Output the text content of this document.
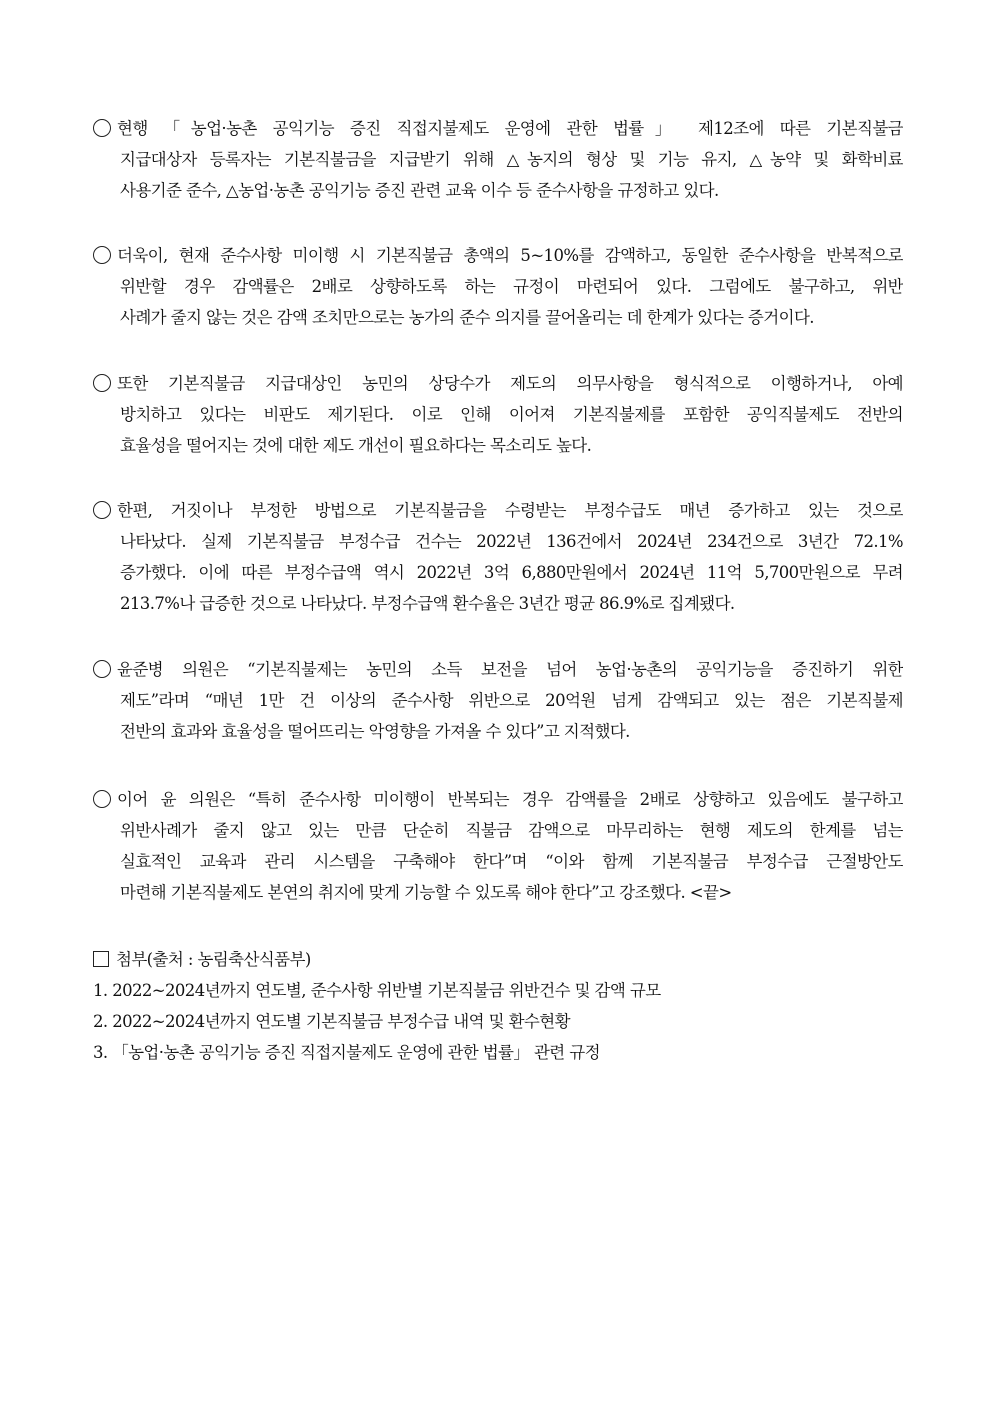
현행 「농업·농촌 공익기능 증진 직접지불제도 운영에 관한 법률」 제12조에 따른 기본직불금
지급대상자 등록자는 기본직불금을 지급받기 위해 △농지의 형상 및 기능 유지, △농약 및 화학비료
사용기준 준수, △농업·농촌 공익기능 증진 관련 교육 이수 등 준수사항을 규정하고 있다.
더욱이, 현재 준수사항 미이행 시 기본직불금 총액의 5~10%를 감액하고, 동일한 준수사항을 반복적으로
위반할 경우 감액률은 2배로 상향하도록 하는 규정이 마련되어 있다. 그럼에도 불구하고, 위반
사례가 줄지 않는 것은 감액 조치만으로는 농가의 준수 의지를 끌어올리는 데 한계가 있다는 증거이다.
또한 기본직불금 지급대상인 농민의 상당수가 제도의 의무사항을 형식적으로 이행하거나, 아예
방치하고 있다는 비판도 제기된다. 이로 인해 이어져 기본직불제를 포함한 공익직불제도 전반의
효율성을 떨어지는 것에 대한 제도 개선이 필요하다는 목소리도 높다.
한편, 거짓이나 부정한 방법으로 기본직불금을 수령받는 부정수급도 매년 증가하고 있는 것으로
나타났다. 실제 기본직불금 부정수급 건수는 2022년 136건에서 2024년 234건으로 3년간 72.1%
증가했다. 이에 따른 부정수급액 역시 2022년 3억 6,880만원에서 2024년 11억 5,700만원으로 무려
213.7%나 급증한 것으로 나타났다. 부정수급액 환수율은 3년간 평균 86.9%로 집계됐다.
윤준병 의원은 “기본직불제는 농민의 소득 보전을 넘어 농업·농촌의 공익기능을 증진하기 위한
제도”라며 “매년 1만 건 이상의 준수사항 위반으로 20억원 넘게 감액되고 있는 점은 기본직불제
전반의 효과와 효율성을 떨어뜨리는 악영향을 가져올 수 있다”고 지적했다.
이어 윤 의원은 “특히 준수사항 미이행이 반복되는 경우 감액률을 2배로 상향하고 있음에도 불구하고
위반사례가 줄지 않고 있는 만큼 단순히 직불금 감액으로 마무리하는 현행 제도의 한계를 넘는
실효적인 교육과 관리 시스템을 구축해야 한다”며 “이와 함께 기본직불금 부정수급 근절방안도
마련해 기본직불제도 본연의 취지에 맞게 기능할 수 있도록 해야 한다”고 강조했다. <끝>
첨부(출처 : 농림축산식품부)
1. 2022~2024년까지 연도별, 준수사항 위반별 기본직불금 위반건수 및 감액 규모
2. 2022~2024년까지 연도별 기본직불금 부정수급 내역 및 환수현황
3. 「농업·농촌 공익기능 증진 직접지불제도 운영에 관한 법률」 관련 규정
